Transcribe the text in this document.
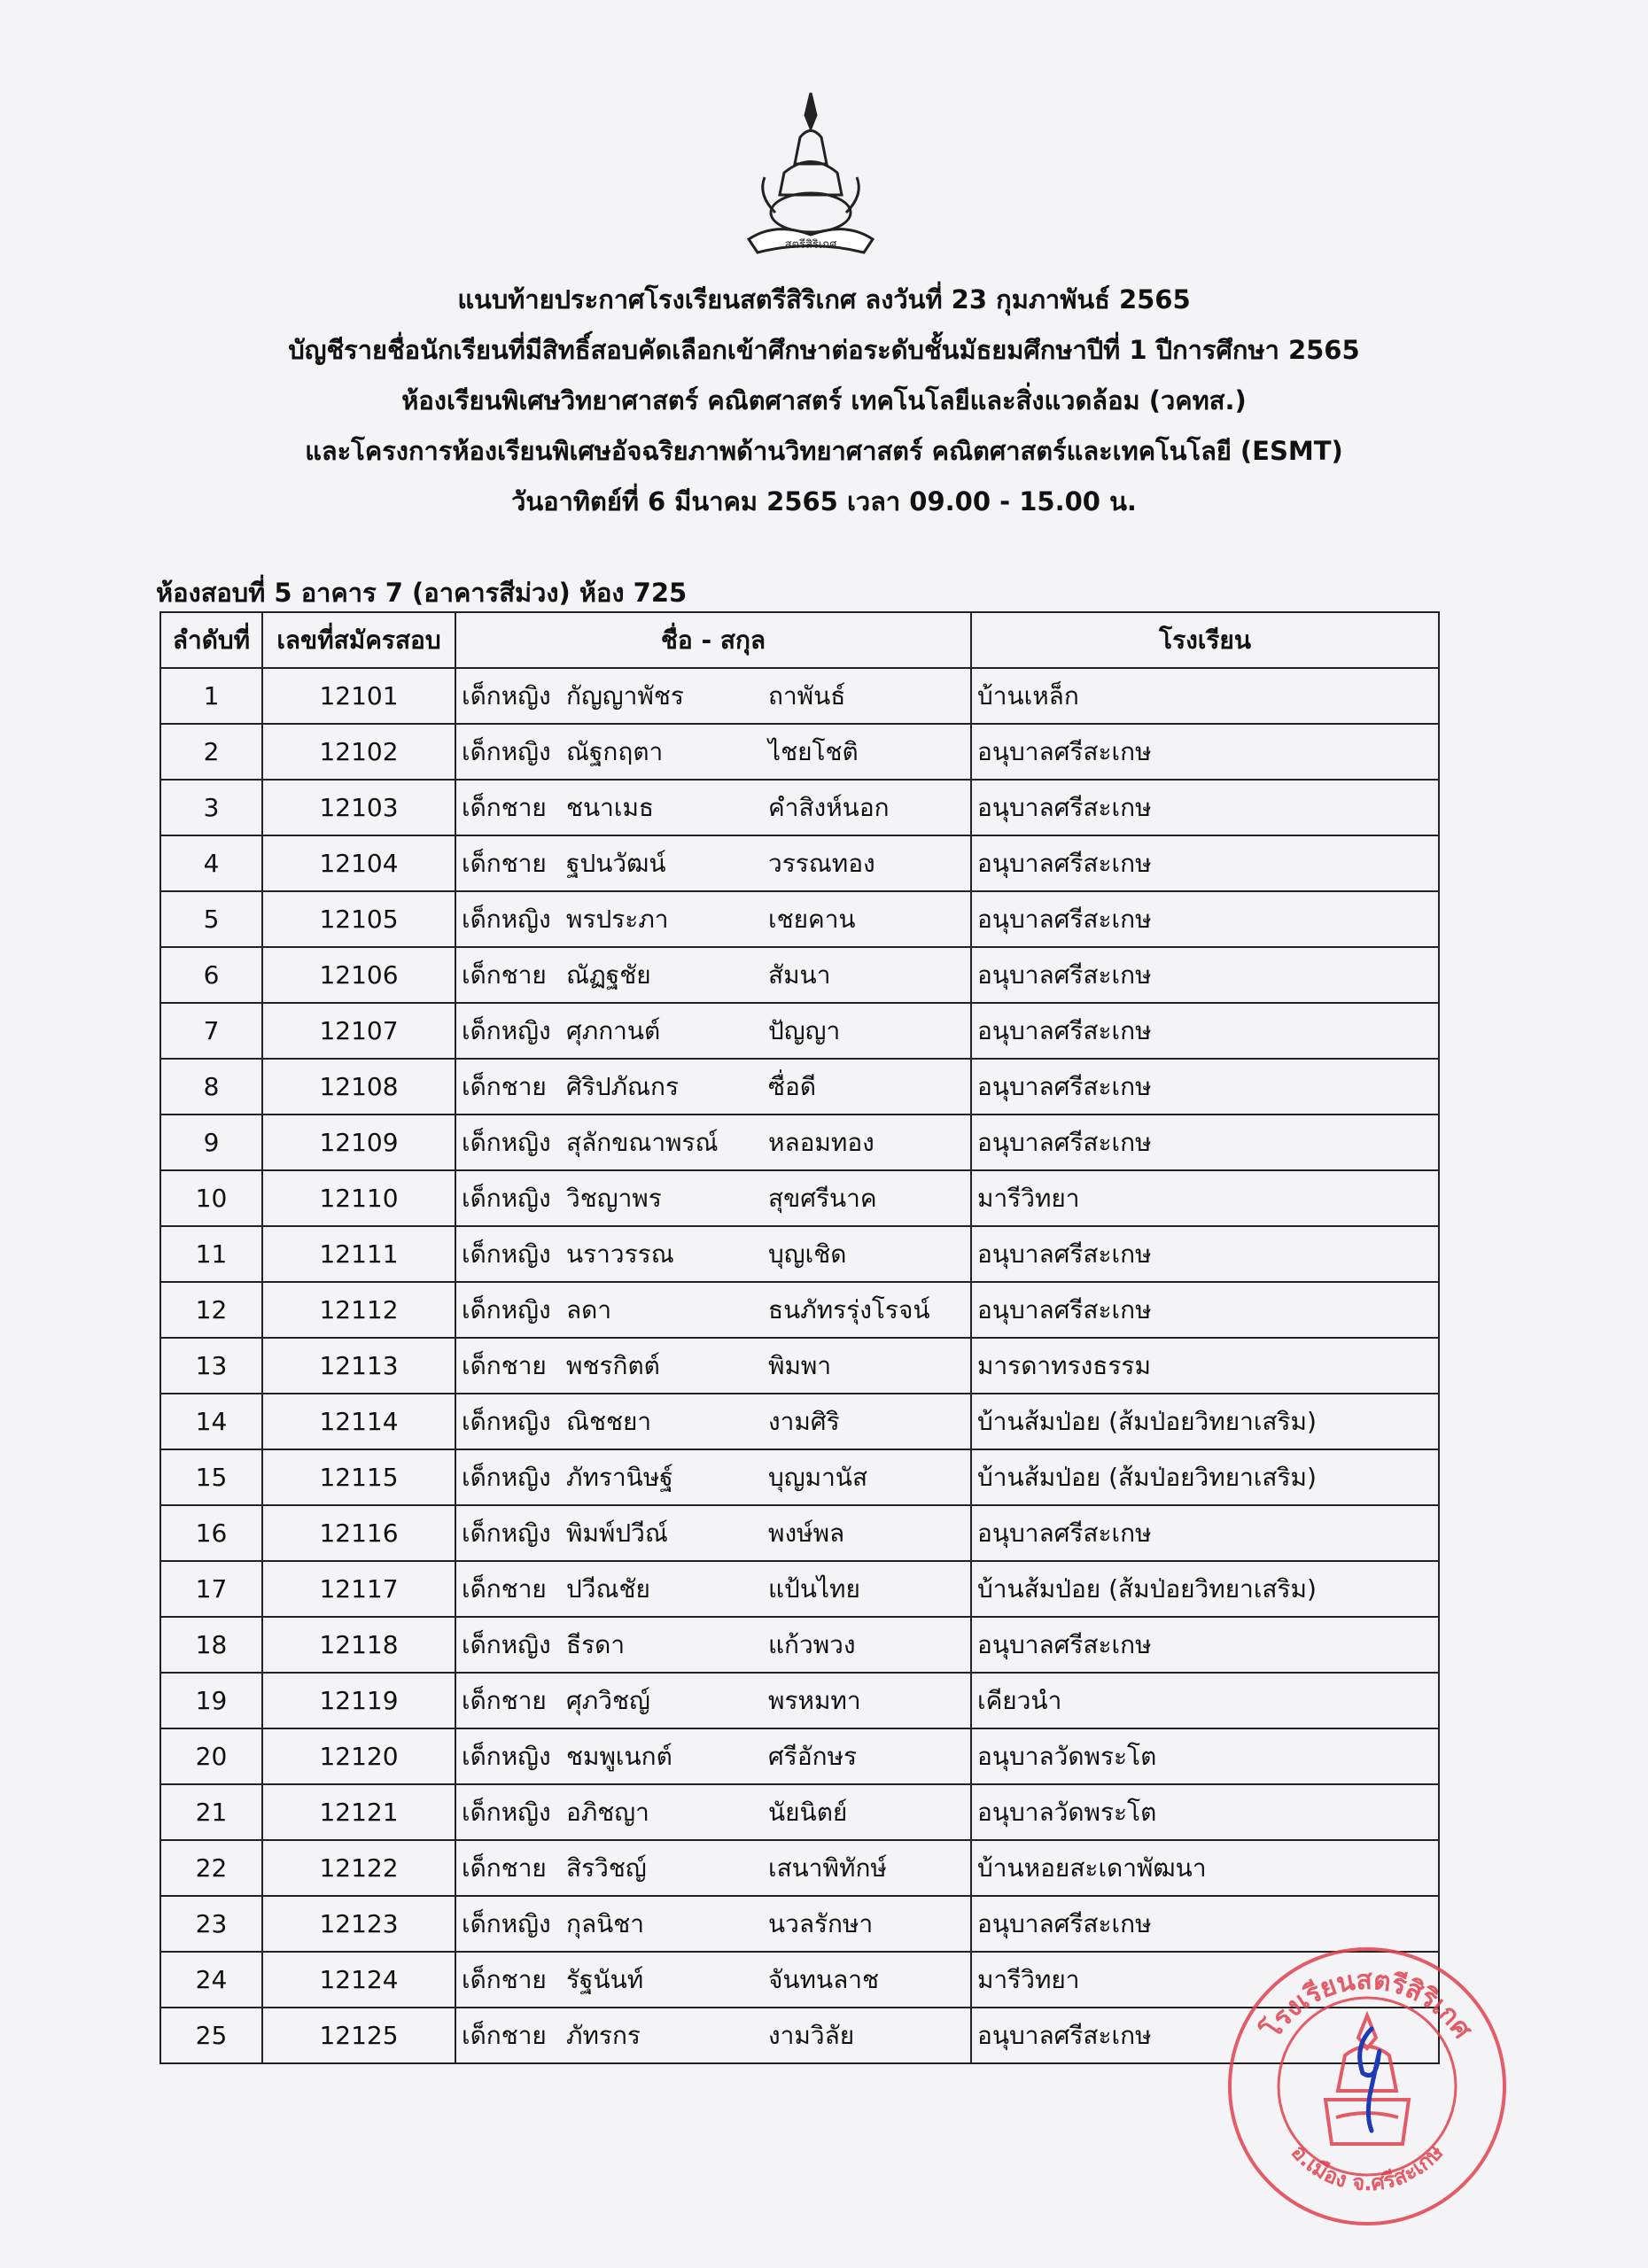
สตรีสิริเกศ
แนบท้ายประกาศโรงเรียนสตรีสิริเกศ ลงวันที่ 23 กุมภาพันธ์ 2565
บัญชีรายชื่อนักเรียนที่มีสิทธิ์สอบคัดเลือกเข้าศึกษาต่อระดับชั้นมัธยมศึกษาปีที่ 1 ปีการศึกษา 2565
ห้องเรียนพิเศษวิทยาศาสตร์ คณิตศาสตร์ เทคโนโลยีและสิ่งแวดล้อม (วคทส.)
และโครงการห้องเรียนพิเศษอัจฉริยภาพด้านวิทยาศาสตร์ คณิตศาสตร์และเทคโนโลยี (ESMT)
วันอาทิตย์ที่ 6 มีนาคม 2565 เวลา 09.00 - 15.00 น.
ห้องสอบที่ 5 อาคาร 7 (อาคารสีม่วง) ห้อง 725
ลำดับที่	เลขที่สมัครสอบ	ชื่อ - สกุล	โรงเรียน
1	12101	เด็กหญิง กัญญาพัชร ถาพันธ์	บ้านเหล็ก
2	12102	เด็กหญิง ณัฐกฤตา ไชยโชติ	อนุบาลศรีสะเกษ
3	12103	เด็กชาย ชนาเมธ คำสิงห์นอก	อนุบาลศรีสะเกษ
4	12104	เด็กชาย ฐปนวัฒน์ วรรณทอง	อนุบาลศรีสะเกษ
5	12105	เด็กหญิง พรประภา เชยคาน	อนุบาลศรีสะเกษ
6	12106	เด็กชาย ณัฏฐชัย สัมนา	อนุบาลศรีสะเกษ
7	12107	เด็กหญิง ศุภกานต์ ปัญญา	อนุบาลศรีสะเกษ
8	12108	เด็กชาย ศิริปภัณกร ซื่อดี	อนุบาลศรีสะเกษ
9	12109	เด็กหญิง สุลักขณาพรณ์ หลอมทอง	อนุบาลศรีสะเกษ
10	12110	เด็กหญิง วิชญาพร สุขศรีนาค	มารีวิทยา
11	12111	เด็กหญิง นราวรรณ บุญเชิด	อนุบาลศรีสะเกษ
12	12112	เด็กหญิง ลดา ธนภัทรรุ่งโรจน์	อนุบาลศรีสะเกษ
13	12113	เด็กชาย พชรกิตต์ พิมพา	มารดาทรงธรรม
14	12114	เด็กหญิง ณิชชยา งามศิริ	บ้านส้มป่อย (ส้มป่อยวิทยาเสริม)
15	12115	เด็กหญิง ภัทรานิษฐ์ บุญมานัส	บ้านส้มป่อย (ส้มป่อยวิทยาเสริม)
16	12116	เด็กหญิง พิมพ์ปวีณ์ พงษ์พล	อนุบาลศรีสะเกษ
17	12117	เด็กชาย ปวีณชัย แป้นไทย	บ้านส้มป่อย (ส้มป่อยวิทยาเสริม)
18	12118	เด็กหญิง ธีรดา แก้วพวง	อนุบาลศรีสะเกษ
19	12119	เด็กชาย ศุภวิชญ์ พรหมทา	เคียวนำ
20	12120	เด็กหญิง ชมพูเนกต์ ศรีอักษร	อนุบาลวัดพระโต
21	12121	เด็กหญิง อภิชญา นัยนิตย์	อนุบาลวัดพระโต
22	12122	เด็กชาย สิรวิชญ์ เสนาพิทักษ์	บ้านหอยสะเดาพัฒนา
23	12123	เด็กหญิง กุลนิชา นวลรักษา	อนุบาลศรีสะเกษ
24	12124	เด็กชาย รัฐนันท์ จันทนลาช	มารีวิทยา
25	12125	เด็กชาย ภัทรกร งามวิลัย	อนุบาลศรีสะเกษ	โรงเรียนสตรีสิริเกศ
อ.เมือง จ.ศรีสะเกษ
